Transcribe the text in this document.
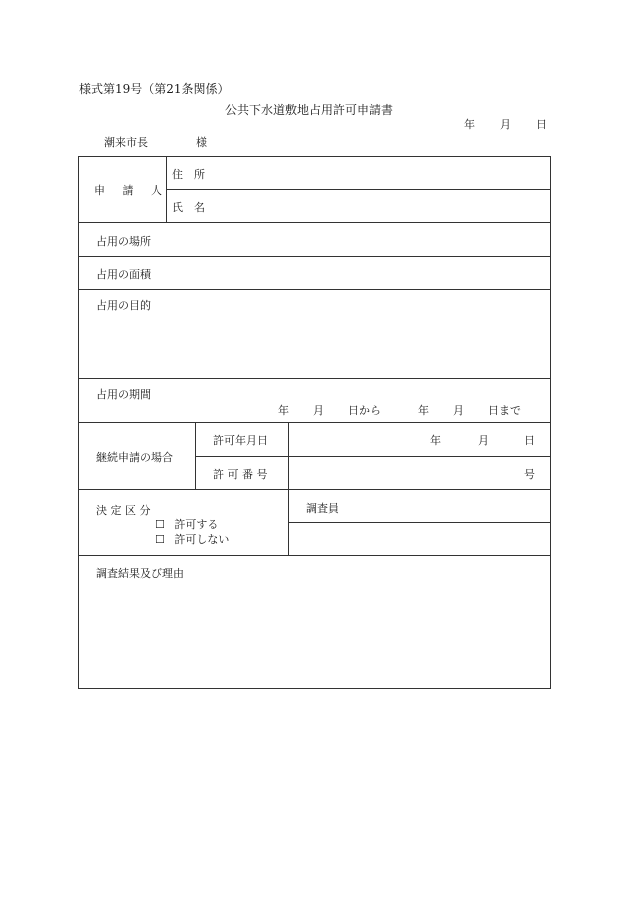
様式第19号（第21条関係）
公共下水道敷地占用許可申請書
年 月 日
潮来市長	様
申 請 人
住　所
氏　名
占用の場所
占用の面積
占用の目的
占用の期間
年 月 日から	年 月 日まで
継続申請の場合
許可年月日	年	月	日
許 可 番 号	号
決 定 区 分
☐ 許可する
☐ 許可しない
調査員
調査結果及び理由
